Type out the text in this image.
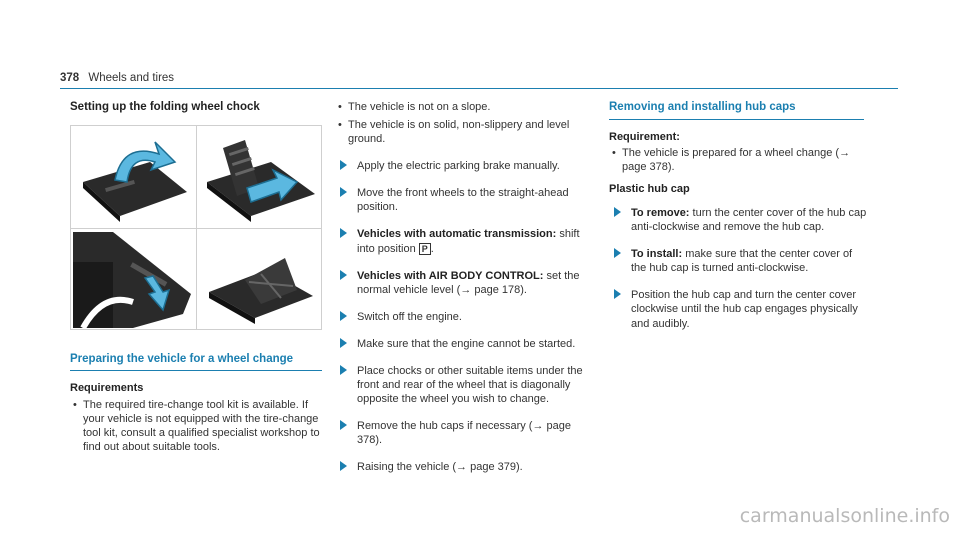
378 Wheels and tires
Setting up the folding wheel chock
Preparing the vehicle for a wheel change
Requirements
• The required tire-change tool kit is available. If your vehicle is not equipped with the tire-change tool kit, consult a qualified specialist workshop to find out about suitable tools.
• The vehicle is not on a slope.
• The vehicle is on solid, non-slippery and level ground.
Apply the electric parking brake manually.
Move the front wheels to the straight-ahead position.
Vehicles with automatic transmission: shift into position P .
Vehicles with AIR BODY CONTROL: set the normal vehicle level (→ page 178).
Switch off the engine.
Make sure that the engine cannot be started.
Place chocks or other suitable items under the front and rear of the wheel that is diagonally opposite the wheel you wish to change.
Remove the hub caps if necessary (→ page 378).
Raising the vehicle (→ page 379).
Removing and installing hub caps
Requirement:
• The vehicle is prepared for a wheel change (→ page 378).
Plastic hub cap
To remove: turn the center cover of the hub cap anti-clockwise and remove the hub cap.
To install: make sure that the center cover of the hub cap is turned anti-clockwise.
Position the hub cap and turn the center cover clockwise until the hub cap engages physically and audibly.
carmanualsonline.info
